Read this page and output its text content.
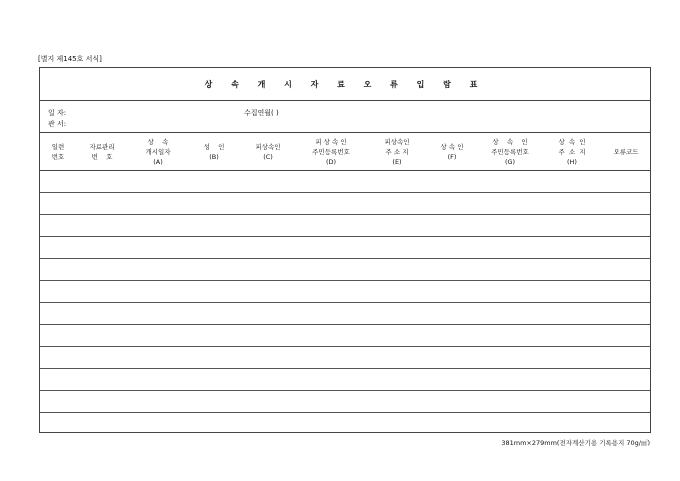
[별지 제145호 서식]
상 속 개 시 자 료 오 류 입 람 표
일 자:
관 서:
수집연월( )
일련
번호
자료관리
번    호
상    속
개시일자
(A)
성    인
(B)
피상속인
(C)
피 상 속 인
주민등록번호
(D)
피상속인
주 소 지
(E)
상 속 인
(F)
상    속    인
주민등록번호
(G)
상  속  인
주  소  지
(H)
오류코드
381mm×279mm(전자계산기용 기록용지 70g/㎡)
